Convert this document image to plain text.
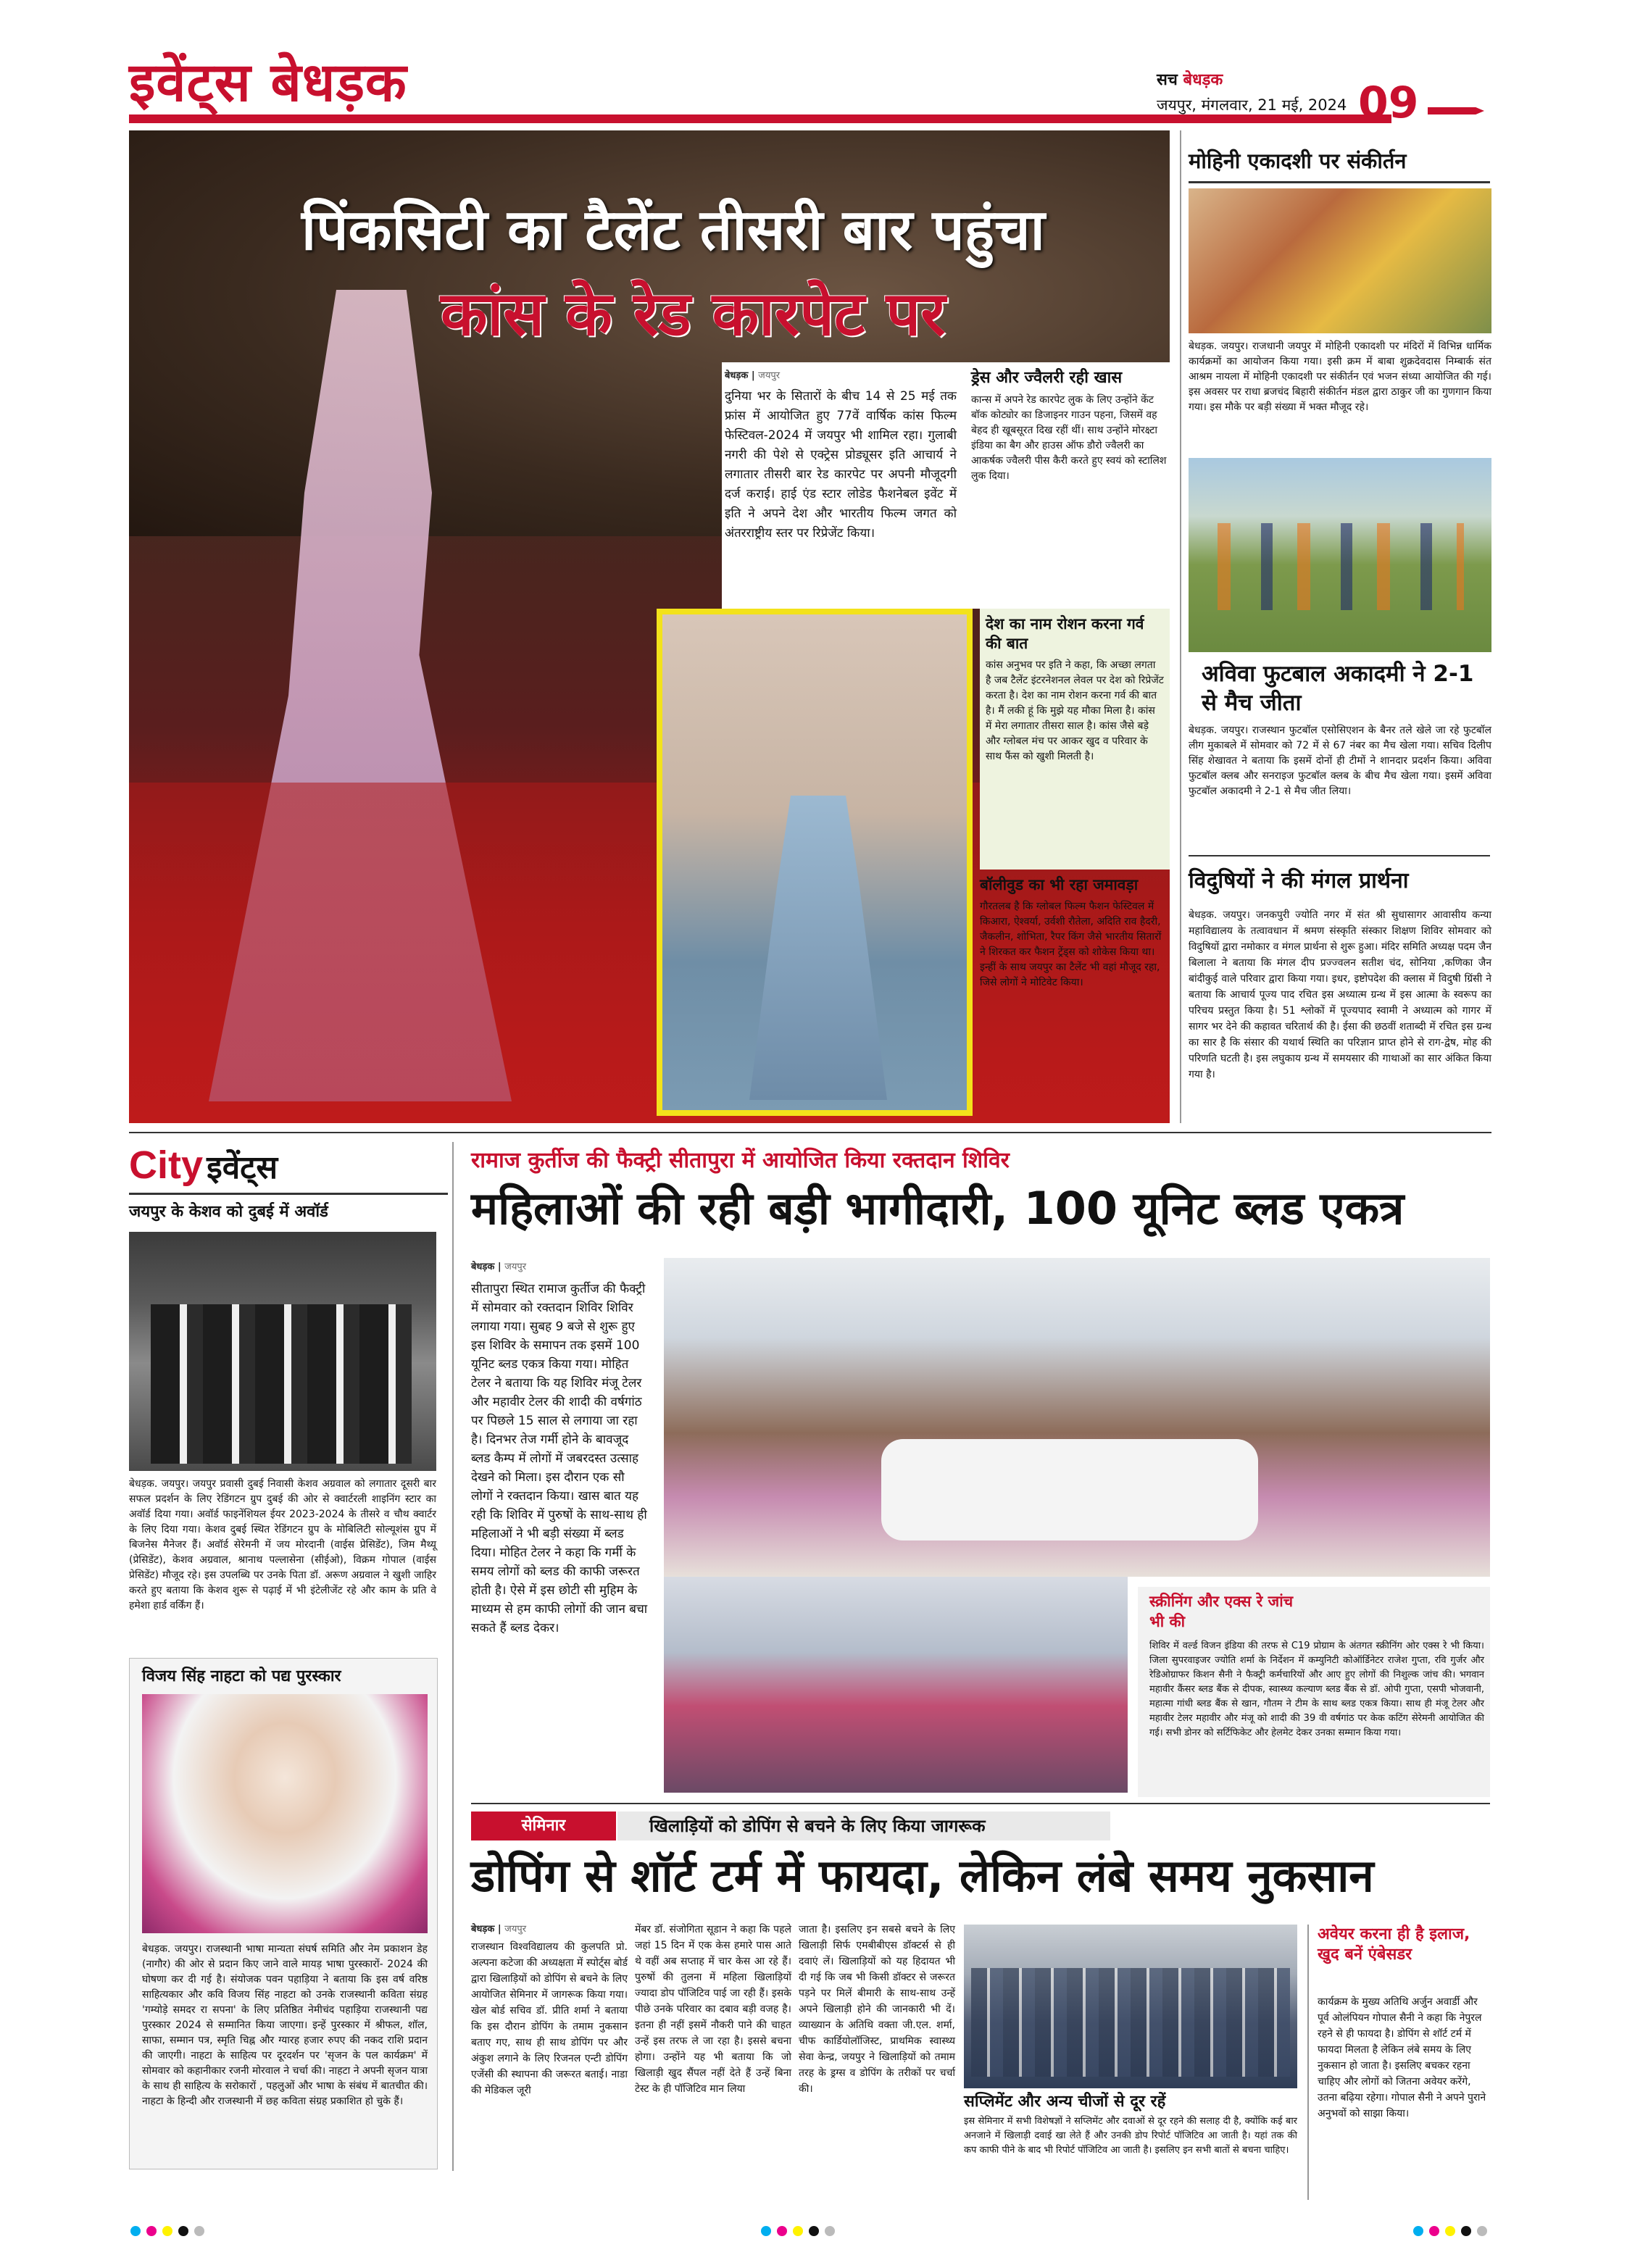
इवेंट्स बेधड़क	सच बेधड़क
जयपुर, मंगलवार, 21 मई, 2024 09
पिंकसिटी का टैलेंट तीसरी बार पहुंचा
कांस के रेड कारपेट पर
बेधड़क | जयपुर
दुनिया भर के सितारों के बीच 14 से 25 मई तक फ्रांस में आयोजित हुए 77वें वार्षिक कांस फिल्म फेस्टिवल-2024 में जयपुर भी शामिल रहा। गुलाबी नगरी की पेशे से एक्ट्रेस प्रोड्यूसर इति आचार्य ने लगातार तीसरी बार रेड कारपेट पर अपनी मौजूदगी दर्ज कराई। हाई एंड स्टार लोडेड फैशनेबल इवेंट में इति ने अपने देश और भारतीय फिल्म जगत को अंतरराष्ट्रीय स्तर पर रिप्रेजेंट किया।
ड्रेस और ज्वैलरी रही खास
कान्स में अपने रेड कारपेट लुक के लिए उन्होंने केंट बॉक कोट्योर का डिजाइनर गाउन पहना, जिसमें वह बेहद ही खूबसूरत दिख रहीं थीं। साथ उन्होंने मोरक्ष्टा इंडिया का बैग और हाउस ऑफ डौरो ज्वैलरी का आकर्षक ज्वैलरी पीस कैरी करते हुए स्वयं को स्टालिश लुक दिया।
देश का नाम रोशन करना गर्व की बात
कांस अनुभव पर इति ने कहा, कि अच्छा लगता है जब टैलेंट इंटरनेशनल लेवल पर देश को रिप्रेजेंट करता है। देश का नाम रोशन करना गर्व की बात है। मैं लकी हूं कि मुझे यह मौका मिला है। कांस में मेरा लगातार तीसरा साल है। कांस जैसे बड़े और ग्लोबल मंच पर आकर खुद व परिवार के साथ फैंस को खुशी मिलती है।
बॉलीवुड का भी रहा जमावड़ा
गौरतलब है कि ग्लोबल फिल्म फैशन फेस्टिवल में किआरा, ऐश्वर्या, उर्वशी रौतेला, अदिति राव हैदरी, जैकलीन, शोभिता, रैपर किंग जैसे भारतीय सितारों ने शिरकत कर फैशन ट्रेंड्स को शोकेस किया था। इन्हीं के साथ जयपुर का टैलेंट भी वहां मौजूद रहा, जिसे लोगों ने मोटिवेट किया।
मोहिनी एकादशी पर संकीर्तन
बेधड़क. जयपुर। राजधानी जयपुर में मोहिनी एकादशी पर मंदिरों में विभिन्न धार्मिक कार्यक्रमों का आयोजन किया गया। इसी क्रम में बाबा शुक्रदेवदास निम्बार्क संत आश्रम नायला में मोहिनी एकादशी पर संकीर्तन एवं भजन संध्या आयोजित की गई। इस अवसर पर राधा ब्रजचंद बिहारी संकीर्तन मंडल द्वारा ठाकुर जी का गुणगान किया गया। इस मौके पर बड़ी संख्या में भक्त मौजूद रहे।
अविवा फुटबाल अकादमी ने 2-1 से मैच जीता
बेधड़क. जयपुर। राजस्थान फुटबॉल एसोसिएशन के बैनर तले खेले जा रहे फुटबॉल लीग मुकाबले में सोमवार को 72 में से 67 नंबर का मैच खेला गया। सचिव दिलीप सिंह शेखावत ने बताया कि इसमें दोनों ही टीमों ने शानदार प्रदर्शन किया। अविवा फुटबॉल क्लब और सनराइज फुटबॉल क्लब के बीच मैच खेला गया। इसमें अविवा फुटबॉल अकादमी ने 2-1 से मैच जीत लिया।
विदुषियों ने की मंगल प्रार्थना
बेधड़क. जयपुर। जनकपुरी ज्योति नगर में संत श्री सुधासागर आवासीय कन्या महाविद्यालय के तत्वावधान में श्रमण संस्कृति संस्कार शिक्षण शिविर सोमवार को विदुषियों द्वारा नमोकार व मंगल प्रार्थना से शुरू हुआ। मंदिर समिति अध्यक्ष पदम जैन बिलाला ने बताया कि मंगल दीप प्रज्ज्वलन सतीश चंद, सोनिया ,कणिका जैन बांदीकुई वाले परिवार द्वारा किया गया। इधर, इष्टोपदेश की क्लास में विदुषी ग्रिंसी ने बताया कि आचार्य पूज्य पाद रचित इस अध्यात्म ग्रन्थ में इस आत्मा के स्वरूप का परिचय प्रस्तुत किया है। 51 श्लोकों में पूज्यपाद स्वामी ने अध्यात्म को गागर में सागर भर देने की कहावत चरितार्थ की है। ईसा की छठवीं शताब्दी में रचित इस ग्रन्थ का सार है कि संसार की यथार्थ स्थिति का परिज्ञान प्राप्त होने से राग-द्वेष, मोह की परिणति घटती है। इस लघुकाय ग्रन्थ में समयसार की गाथाओं का सार अंकित किया गया है।
City इवेंट्स
जयपुर के केशव को दुबई में अवॉर्ड
बेधड़क. जयपुर। जयपुर प्रवासी दुबई निवासी केशव अग्रवाल को लगातार दूसरी बार सफल प्रदर्शन के लिए रेडिंगटन ग्रुप दुबई की ओर से क्वार्टरली शाइनिंग स्टार का अवॉर्ड दिया गया। अवॉर्ड फाइनेंशियल ईयर 2023-2024 के तीसरे व चौथ क्वार्टर के लिए दिया गया। केशव दुबई स्थित रेडिंगटन ग्रुप के मोबिलिटी सोल्यूशंस ग्रुप में बिजनेस मैनेजर हैं। अवॉर्ड सेरेमनी में जय मोरदानी (वाईस प्रेसिडेंट), जिम मैथ्यू (प्रेसिडेंट), केशव अग्रवाल, श्रानाथ पल्लासेना (सीईओ), विक्रम गोपाल (वाईस प्रेसिडेंट) मौजूद रहे। इस उपलब्धि पर उनके पिता डॉ. अरूण अग्रवाल ने खुशी जाहिर करते हुए बताया कि केशव शुरू से पढ़ाई में भी इंटेलीजेंट रहे और काम के प्रति वे हमेशा हार्ड वर्किंग हैं।
विजय सिंह नाहटा को पद्य पुरस्कार
बेधड़क. जयपुर। राजस्थानी भाषा मान्यता संघर्ष समिति और नेम प्रकाशन डेह (नागौर) की ओर से प्रदान किए जाने वाले मायड़ भाषा पुरस्कारों- 2024 की घोषणा कर दी गई है। संयोजक पवन पहाड़िया ने बताया कि इस वर्ष वरिष्ठ साहित्यकार और कवि विजय सिंह नाहटा को उनके राजस्थानी कविता संग्रह 'गम्योड़े समदर रा सपना' के लिए प्रतिष्ठित नेमीचंद पहाड़िया राजस्थानी पद्य पुरस्कार 2024 से सम्मानित किया जाएगा। इन्हें पुरस्कार में श्रीफल, शॉल, साफा, सम्मान पत्र, स्मृति चिह्न और ग्यारह हजार रुपए की नकद राशि प्रदान की जाएगी। नाहटा के साहित्य पर दूरदर्शन पर 'सृजन के पल कार्यक्रम' में सोमवार को कहानीकार रजनी मोरवाल ने चर्चा की। नाहटा ने अपनी सृजन यात्रा के साथ ही साहित्य के सरोकारों , पहलुओं और भाषा के संबंध में बातचीत की। नाहटा के हिन्दी और राजस्थानी में छह कविता संग्रह प्रकाशित हो चुके हैं।
रामाज कुर्तीज की फैक्ट्री सीतापुरा में आयोजित किया रक्तदान शिविर
महिलाओं की रही बड़ी भागीदारी, 100 यूनिट ब्लड एकत्र
बेधड़क | जयपुर
सीतापुरा स्थित रामाज कुर्तीज की फैक्ट्री में सोमवार को रक्तदान शिविर शिविर लगाया गया। सुबह 9 बजे से शुरू हुए इस शिविर के समापन तक इसमें 100 यूनिट ब्लड एकत्र किया गया। मोहित टेलर ने बताया कि यह शिविर मंजू टेलर और महावीर टेलर की शादी की वर्षगांठ पर पिछले 15 साल से लगाया जा रहा है। दिनभर तेज गर्मी होने के बावजूद ब्लड कैम्प में लोगों में जबरदस्त उत्साह देखने को मिला। इस दौरान एक सौ लोगों ने रक्तदान किया। खास बात यह रही कि शिविर में पुरुषों के साथ-साथ ही महिलाओं ने भी बड़ी संख्या में ब्लड दिया। मोहित टेलर ने कहा कि गर्मी के समय लोगों को ब्लड की काफी जरूरत होती है। ऐसे में इस छोटी सी मुहिम के माध्यम से हम काफी लोगों की जान बचा सकते हैं ब्लड देकर।
स्क्रीनिंग और एक्स रे जांच भी की
शिविर में वर्ल्ड विजन इंडिया की तरफ से C19 प्रोग्राम के अंतगत स्क्रीनिंग ओर एक्स रे भी किया। जिला सुपरवाइजर ज्योति शर्मा के निर्देशन में कम्युनिटी कोऑर्डिनेटर राजेश गुप्ता, रवि गुर्जर और रेडिओग्राफर किशन सैनी ने फैक्ट्री कर्मचारियों और आए हुए लोगों की निशुल्क जांच की। भगवान महावीर कैंसर ब्लड बैंक से दीपक, स्वास्थ्य कल्याण ब्लड बैंक से डॉ. ओपी गुप्ता, एसपी भोजवानी, महात्मा गांधी ब्लड बैंक से खान, गौतम ने टीम के साथ ब्लड एकत्र किया। साथ ही मंजू टेलर और महावीर टेलर महावीर और मंजू को शादी की 39 वी वर्षगांठ पर केक कटिंग सेरेमनी आयोजित की गई। सभी डोनर को सर्टिफिकेट और हेलमेट देकर उनका सम्मान किया गया।
सेमिनार	खिलाड़ियों को डोपिंग से बचने के लिए किया जागरूक
डोपिंग से शॉर्ट टर्म में फायदा, लेकिन लंबे समय नुकसान
बेधड़क | जयपुर
राजस्थान विश्वविद्यालय की कुलपति प्रो. अल्पना कटेजा की अध्यक्षता में स्पोर्ट्स बोर्ड द्वारा खिलाड़ियों को डोपिंग से बचने के लिए आयोजित सेमिनार में जागरूक किया गया। खेल बोर्ड सचिव डॉ. प्रीति शर्मा ने बताया कि इस दौरान डोपिंग के तमाम नुकसान बताए गए, साथ ही साथ डोपिंग पर और अंकुश लगाने के लिए रिजनल एन्टी डोपिंग एजेंसी की स्थापना की जरूरत बताई। नाडा की मेडिकल जूरी
मेंबर डॉ. संजोगिता सूडान ने कहा कि पहले जहां 15 दिन में एक केस हमारे पास आते थे वहीं अब सप्ताह में चार केस आ रहे हैं। पुरुषों की तुलना में महिला खिलाड़ियों ज्यादा डोप पॉजिटिव पाई जा रही हैं। इसके पीछे उनके परिवार का दबाव बड़ी वजह है। इतना ही नहीं इसमें नौकरी पाने की चाहत उन्हें इस तरफ ले जा रहा है। इससे बचना होगा। उन्होंने यह भी बताया कि जो खिलाड़ी खुद सैंपल नहीं देते हैं उन्हें बिना टेस्ट के ही पॉजिटिव मान लिया
जाता है। इसलिए इन सबसे बचने के लिए खिलाड़ी सिर्फ एमबीबीएस डॉक्टर्स से ही दवाएं लें। खिलाड़ियों को यह हिदायत भी दी गई कि जब भी किसी डॉक्टर से जरूरत पड़ने पर मिलें बीमारी के साथ-साथ उन्हें अपने खिलाड़ी होने की जानकारी भी दें। व्याख्यान के अतिथि वक्ता जी.एल. शर्मा, चीफ कार्डियोलॉजिस्ट, प्राथमिक स्वास्थ्य सेवा केन्द्र, जयपुर ने खिलाड़ियों को तमाम तरह के ड्रग्स व डोपिंग के तरीकों पर चर्चा की।
सप्लिमेंट और अन्य चीजों से दूर रहें
इस सेमिनार में सभी विशेषज्ञों ने सप्लिमेंट और दवाओं से दूर रहने की सलाह दी है, क्योंकि कई बार अनजाने में खिलाड़ी दवाई खा लेते हैं और उनकी डोप रिपोर्ट पॉजिटिव आ जाती है। यहां तक की कप काफी पीने के बाद भी रिपोर्ट पॉजिटिव आ जाती है। इसलिए इन सभी बातों से बचना चाहिए।
अवेयर करना ही है इलाज, खुद बनें एंबेसडर
कार्यक्रम के मुख्य अतिथि अर्जुन अवार्डी और पूर्व ओलंपियन गोपाल सैनी ने कहा कि नेपुरल रहने से ही फायदा है। डोपिंग से शॉर्ट टर्म में फायदा मिलता है लेकिन लंबे समय के लिए नुकसान हो जाता है। इसलिए बचकर रहना चाहिए और लोगों को जितना अवेयर करेंगे, उतना बढ़िया रहेगा। गोपाल सैनी ने अपने पुराने अनुभवों को साझा किया।
